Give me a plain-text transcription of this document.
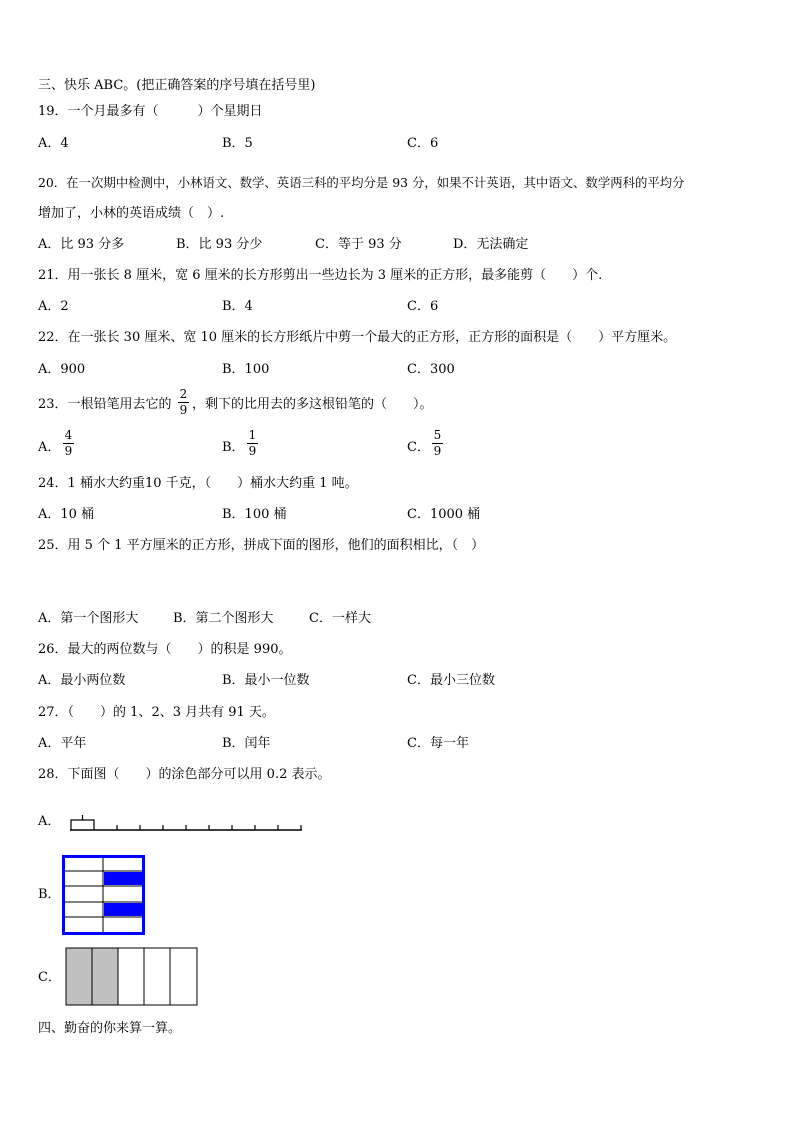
三、快乐 ABC。(把正确答案的序号填在括号里)
19．一个月最多有（　　　）个星期日
A．4	B．5	C．6
20．在一次期中检测中，小林语文、数学、英语三科的平均分是 93 分，如果不计英语，其中语文、数学两科的平均分
增加了，小林的英语成绩（　）.
A．比 93 分多	B．比 93 分少	C．等于 93 分	D．无法确定
21．用一张长 8 厘米，宽 6 厘米的长方形剪出一些边长为 3 厘米的正方形，最多能剪（　　）个.
A．2	B．4	C．6
22．在一张长 30 厘米、宽 10 厘米的长方形纸片中剪一个最大的正方形，正方形的面积是（　　）平方厘米。
A．900	B．100	C．300
23．一根铅笔用去它的
2
9 ，剩下的比用去的多这根铅笔的（　　）。
A．
4
9	B．
1
9	C．
5
9
24．1 桶水大约重10 千克，（　　）桶水大约重 1 吨。
A．10 桶	B．100 桶	C．1000 桶
25．用 5 个 1 平方厘米的正方形，拼成下面的图形，他们的面积相比，（　）
A．第一个图形大	B．第二个图形大	C．一样大
26．最大的两位数与（　　）的积是 990。
A．最小两位数	B．最小一位数	C．最小三位数
27．（　　）的 1、2、3 月共有 91 天。
A．平年	B．闰年	C．每一年
28．下面图（　　）的涂色部分可以用 0.2 表示。
A．
B．
C．
四、勤奋的你来算一算。
